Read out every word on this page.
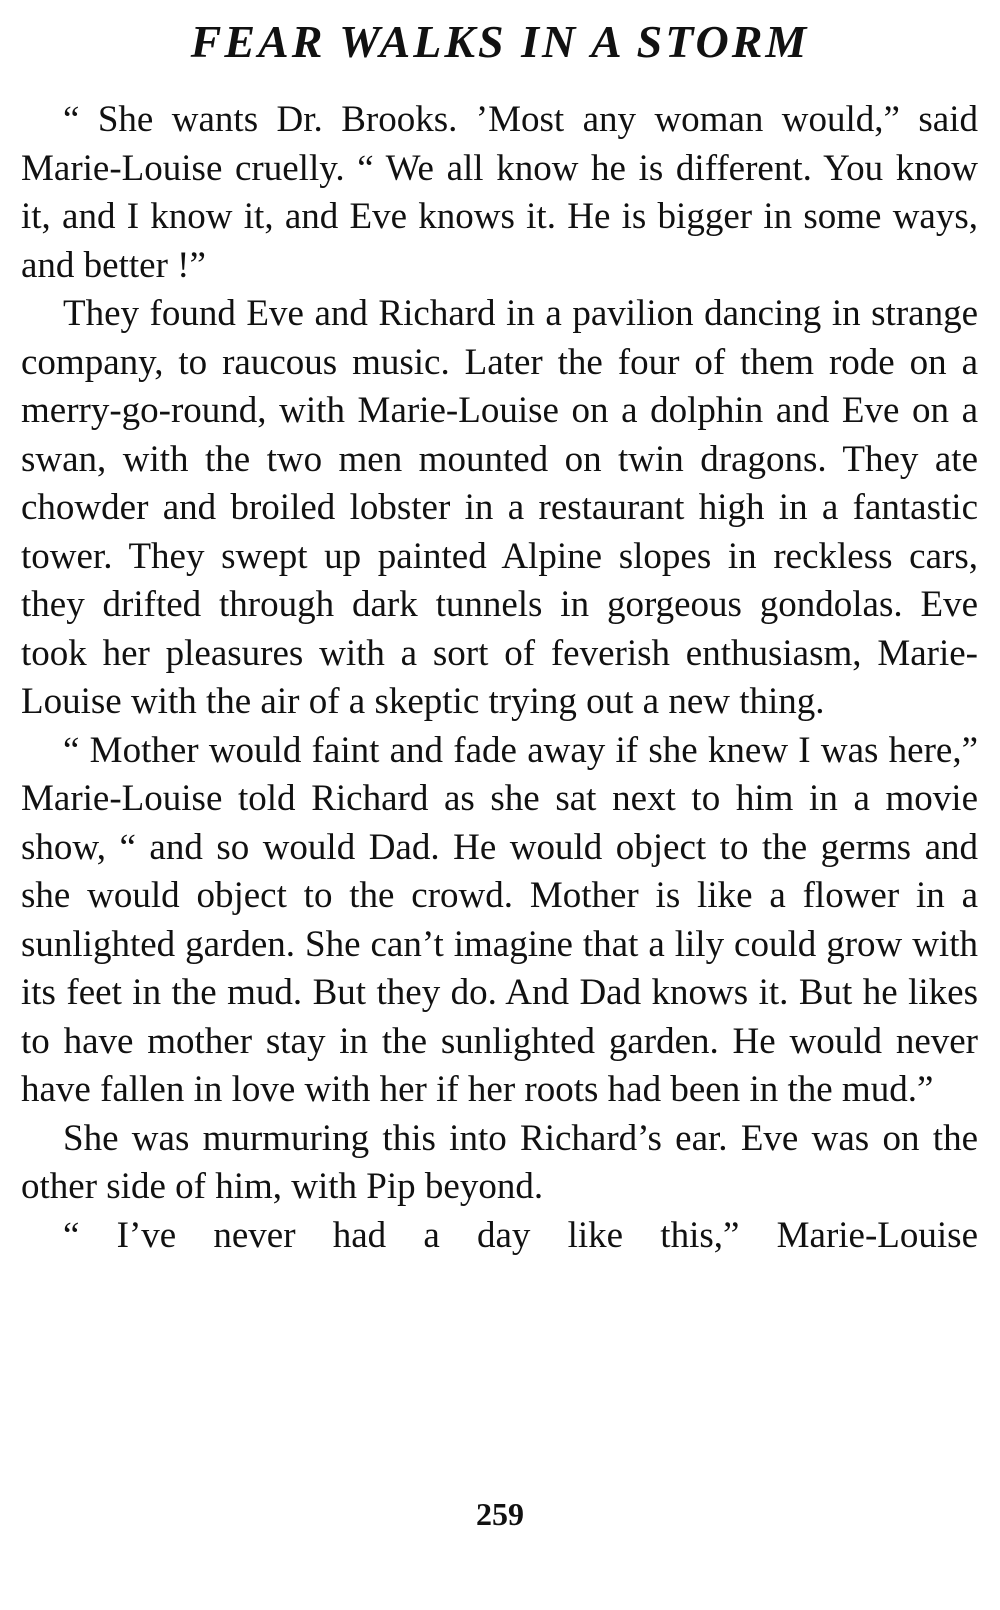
FEAR WALKS IN A STORM

“ She wants Dr. Brooks. ’Most any woman would,” said Marie-Louise cruelly. “ We all know he is different. You know it, and I know it, and Eve knows it. He is bigger in some ways, and better !”

They found Eve and Richard in a pavilion dancing in strange company, to raucous music. Later the four of them rode on a merry-go-round, with Marie-Louise on a dolphin and Eve on a swan, with the two men mounted on twin dragons. They ate chowder and broiled lobster in a restaurant high in a fantastic tower. They swept up painted Alpine slopes in reckless cars, they drifted through dark tunnels in gorgeous gondolas. Eve took her pleasures with a sort of feverish enthusiasm, Marie-Louise with the air of a skeptic trying out a new thing.

“ Mother would faint and fade away if she knew I was here,” Marie-Louise told Richard as she sat next to him in a movie show, “ and so would Dad. He would object to the germs and she would object to the crowd. Mother is like a flower in a sunlighted garden. She can’t imagine that a lily could grow with its feet in the mud. But they do. And Dad knows it. But he likes to have mother stay in the sunlighted garden. He would never have fallen in love with her if her roots had been in the mud.”

She was murmuring this into Richard’s ear. Eve was on the other side of him, with Pip beyond.

“ I’ve never had a day like this,” Marie-Louise

259
